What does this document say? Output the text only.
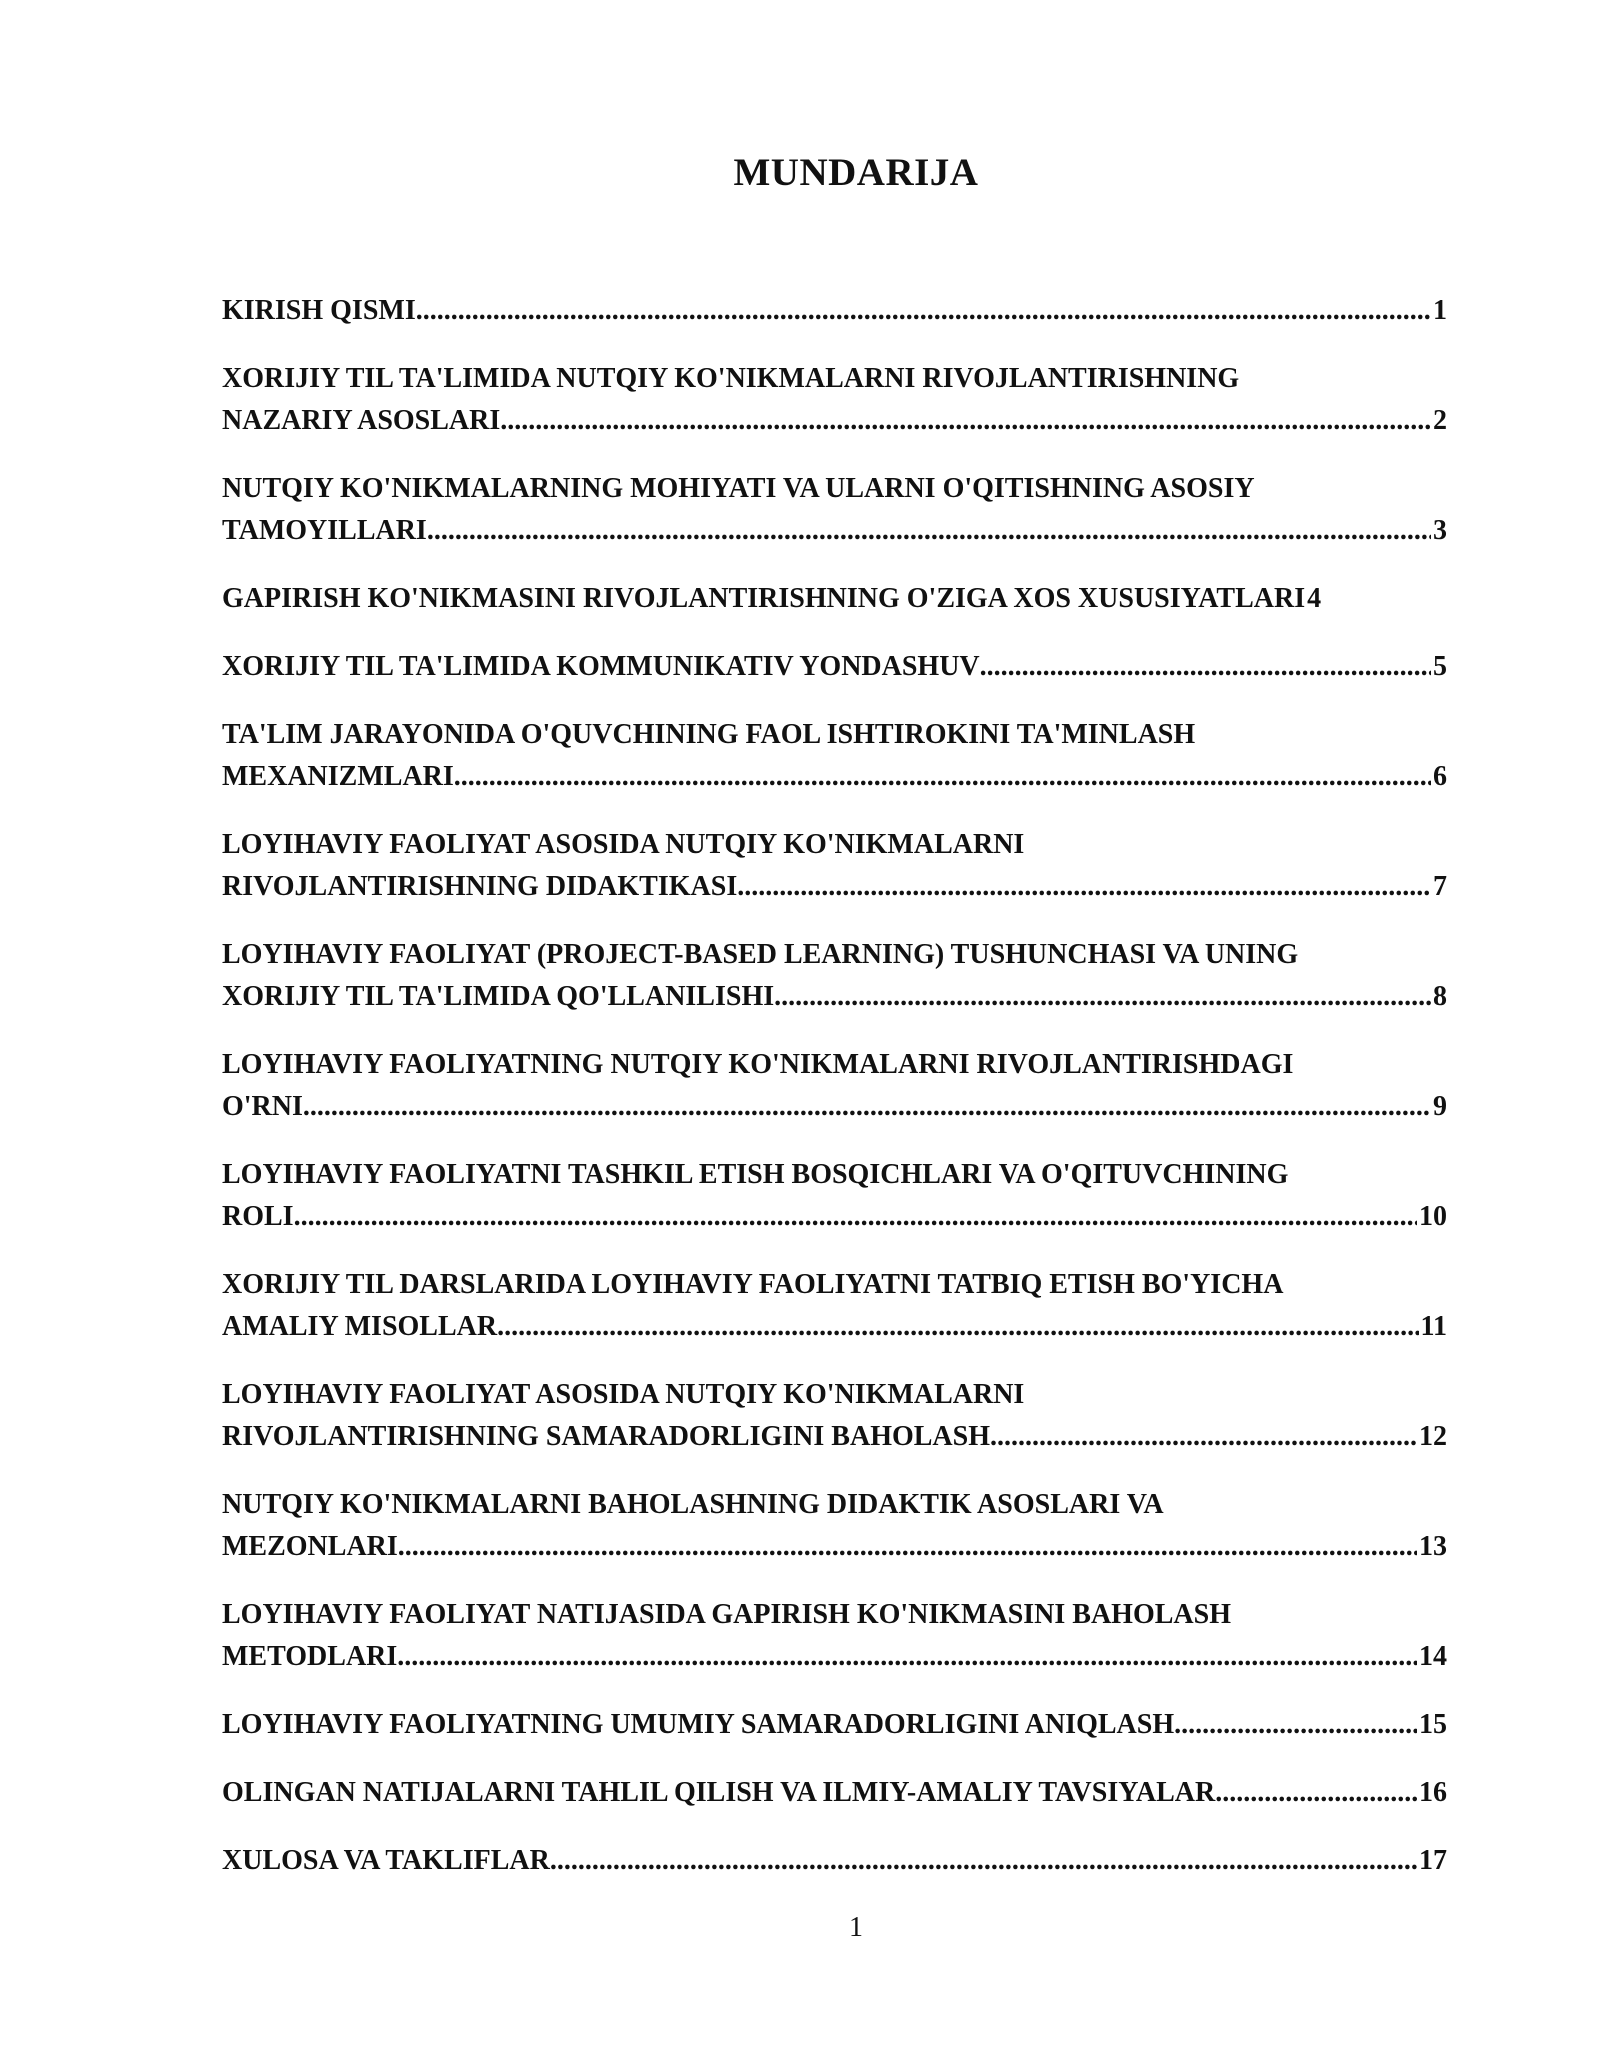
MUNDARIJA
KIRISH QISMI .....	1
XORIJIY TIL TA'LIMIDA NUTQIY KO'NIKMALARNI RIVOJLANTIRISHNING
NAZARIY ASOSLARI .....	2
NUTQIY KO'NIKMALARNING MOHIYATI VA ULARNI O'QITISHNING ASOSIY
TAMOYILLARI .....	3
GAPIRISH KO'NIKMASINI RIVOJLANTIRISHNING O'ZIGA XOS XUSUSIYATLARI 4
XORIJIY TIL TA'LIMIDA KOMMUNIKATIV YONDASHUV .....	5
TA'LIM JARAYONIDA O'QUVCHINING FAOL ISHTIROKINI TA'MINLASH
MEXANIZMLARI .....	6
LOYIHAVIY FAOLIYAT ASOSIDA NUTQIY KO'NIKMALARNI
RIVOJLANTIRISHNING DIDAKTIKASI .....	7
LOYIHAVIY FAOLIYAT (PROJECT-BASED LEARNING) TUSHUNCHASI VA UNING
XORIJIY TIL TA'LIMIDA QO'LLANILISHI .....	8
LOYIHAVIY FAOLIYATNING NUTQIY KO'NIKMALARNI RIVOJLANTIRISHDAGI
O'RNI .....	9
LOYIHAVIY FAOLIYATNI TASHKIL ETISH BOSQICHLARI VA O'QITUVCHINING
ROLI .....	10
XORIJIY TIL DARSLARIDA LOYIHAVIY FAOLIYATNI TATBIQ ETISH BO'YICHA
AMALIY MISOLLAR .....	11
LOYIHAVIY FAOLIYAT ASOSIDA NUTQIY KO'NIKMALARNI
RIVOJLANTIRISHNING SAMARADORLIGINI BAHOLASH .....	12
NUTQIY KO'NIKMALARNI BAHOLASHNING DIDAKTIK ASOSLARI VA
MEZONLARI .....	13
LOYIHAVIY FAOLIYAT NATIJASIDA GAPIRISH KO'NIKMASINI BAHOLASH
METODLARI .....	14
LOYIHAVIY FAOLIYATNING UMUMIY SAMARADORLIGINI ANIQLASH .....	15
OLINGAN NATIJALARNI TAHLIL QILISH VA ILMIY-AMALIY TAVSIYALAR .....	16
XULOSA VA TAKLIFLAR .....	17
1
